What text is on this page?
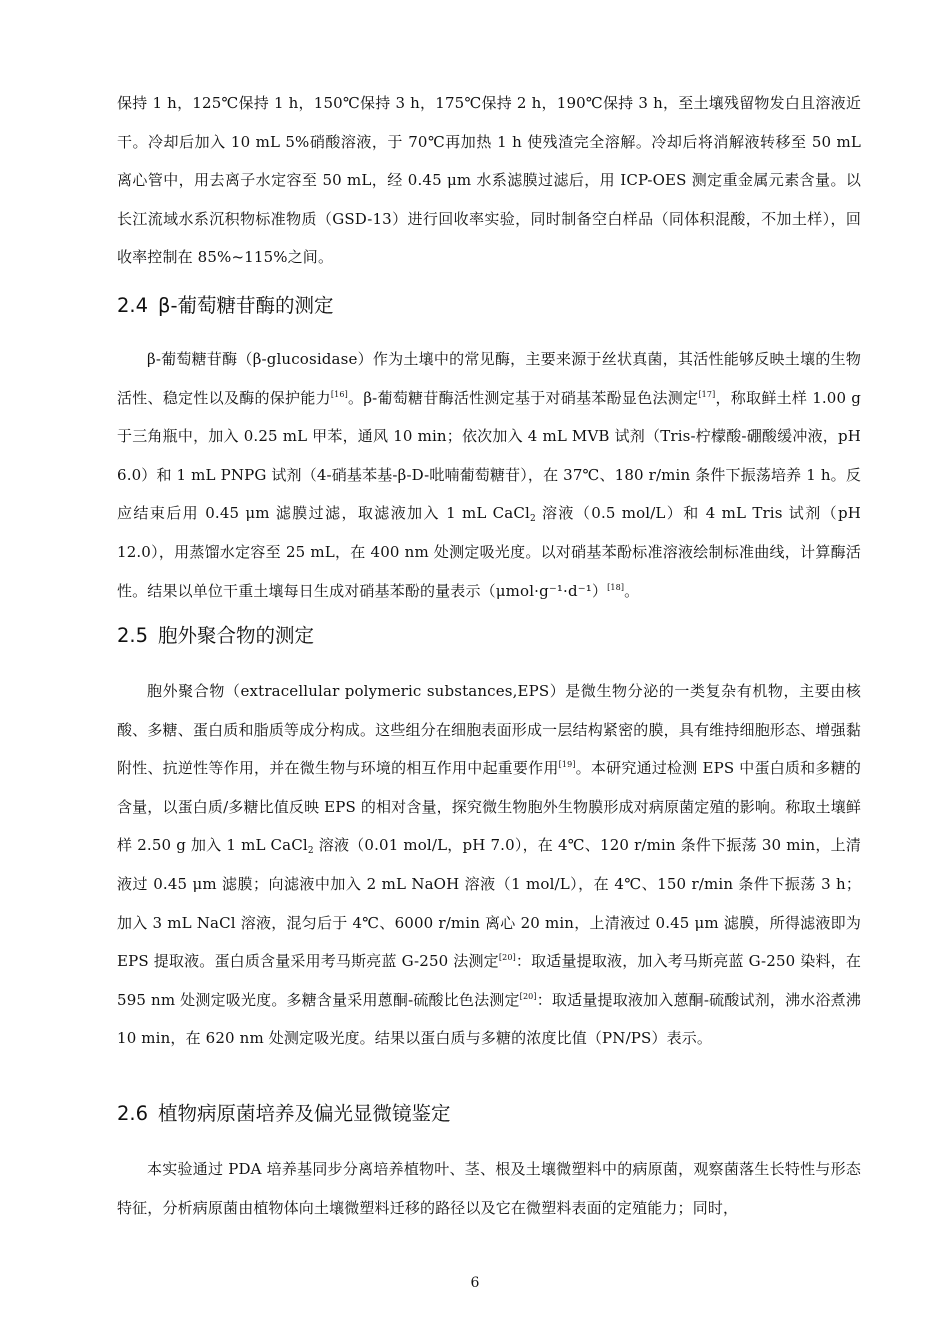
保持 1 h，125℃保持 1 h，150℃保持 3 h，175℃保持 2 h，190℃保持 3 h，至土壤残留物发白且溶液近干。冷却后加入 10 mL 5%硝酸溶液，于 70℃再加热 1 h 使残渣完全溶解。冷却后将消解液转移至 50 mL 离心管中，用去离子水定容至 50 mL，经 0.45 μm 水系滤膜过滤后，用 ICP-OES 测定重金属元素含量。以长江流域水系沉积物标准物质（GSD-13）进行回收率实验，同时制备空白样品（同体积混酸，不加土样），回收率控制在 85%~115%之间。

2.4 β-葡萄糖苷酶的测定

β-葡萄糖苷酶（β-glucosidase）作为土壤中的常见酶，主要来源于丝状真菌，其活性能够反映土壤的生物活性、稳定性以及酶的保护能力[16]。β-葡萄糖苷酶活性测定基于对硝基苯酚显色法测定[17]，称取鲜土样 1.00 g 于三角瓶中，加入 0.25 mL 甲苯，通风 10 min；依次加入 4 mL MVB 试剂（Tris-柠檬酸-硼酸缓冲液，pH 6.0）和 1 mL PNPG 试剂（4-硝基苯基-β-D-吡喃葡萄糖苷），在 37℃、180 r/min 条件下振荡培养 1 h。反应结束后用 0.45 μm 滤膜过滤，取滤液加入 1 mL CaCl$_2$ 溶液（0.5 mol/L）和 4 mL Tris 试剂（pH 12.0），用蒸馏水定容至 25 mL，在 400 nm 处测定吸光度。以对硝基苯酚标准溶液绘制标准曲线，计算酶活性。结果以单位干重土壤每日生成对硝基苯酚的量表示（μmol·g⁻¹·d⁻¹）[18]。

2.5 胞外聚合物的测定

胞外聚合物（extracellular polymeric substances,EPS）是微生物分泌的一类复杂有机物，主要由核酸、多糖、蛋白质和脂质等成分构成。这些组分在细胞表面形成一层结构紧密的膜，具有维持细胞形态、增强黏附性、抗逆性等作用，并在微生物与环境的相互作用中起重要作用[19]。本研究通过检测 EPS 中蛋白质和多糖的含量，以蛋白质/多糖比值反映 EPS 的相对含量，探究微生物胞外生物膜形成对病原菌定殖的影响。称取土壤鲜样 2.50 g 加入 1 mL CaCl$_2$ 溶液（0.01 mol/L，pH 7.0），在 4℃、120 r/min 条件下振荡 30 min，上清液过 0.45 μm 滤膜；向滤液中加入 2 mL NaOH 溶液（1 mol/L），在 4℃、150 r/min 条件下振荡 3 h；加入 3 mL NaCl 溶液，混匀后于 4℃、6000 r/min 离心 20 min，上清液过 0.45 μm 滤膜，所得滤液即为 EPS 提取液。蛋白质含量采用考马斯亮蓝 G-250 法测定[20]：取适量提取液，加入考马斯亮蓝 G-250 染料，在 595 nm 处测定吸光度。多糖含量采用蒽酮-硫酸比色法测定[20]：取适量提取液加入蒽酮-硫酸试剂，沸水浴煮沸 10 min，在 620 nm 处测定吸光度。结果以蛋白质与多糖的浓度比值（PN/PS）表示。

2.6 植物病原菌培养及偏光显微镜鉴定

本实验通过 PDA 培养基同步分离培养植物叶、茎、根及土壤微塑料中的病原菌，观察菌落生长特性与形态特征，分析病原菌由植物体向土壤微塑料迁移的路径以及它在微塑料表面的定殖能力；同时，

6
